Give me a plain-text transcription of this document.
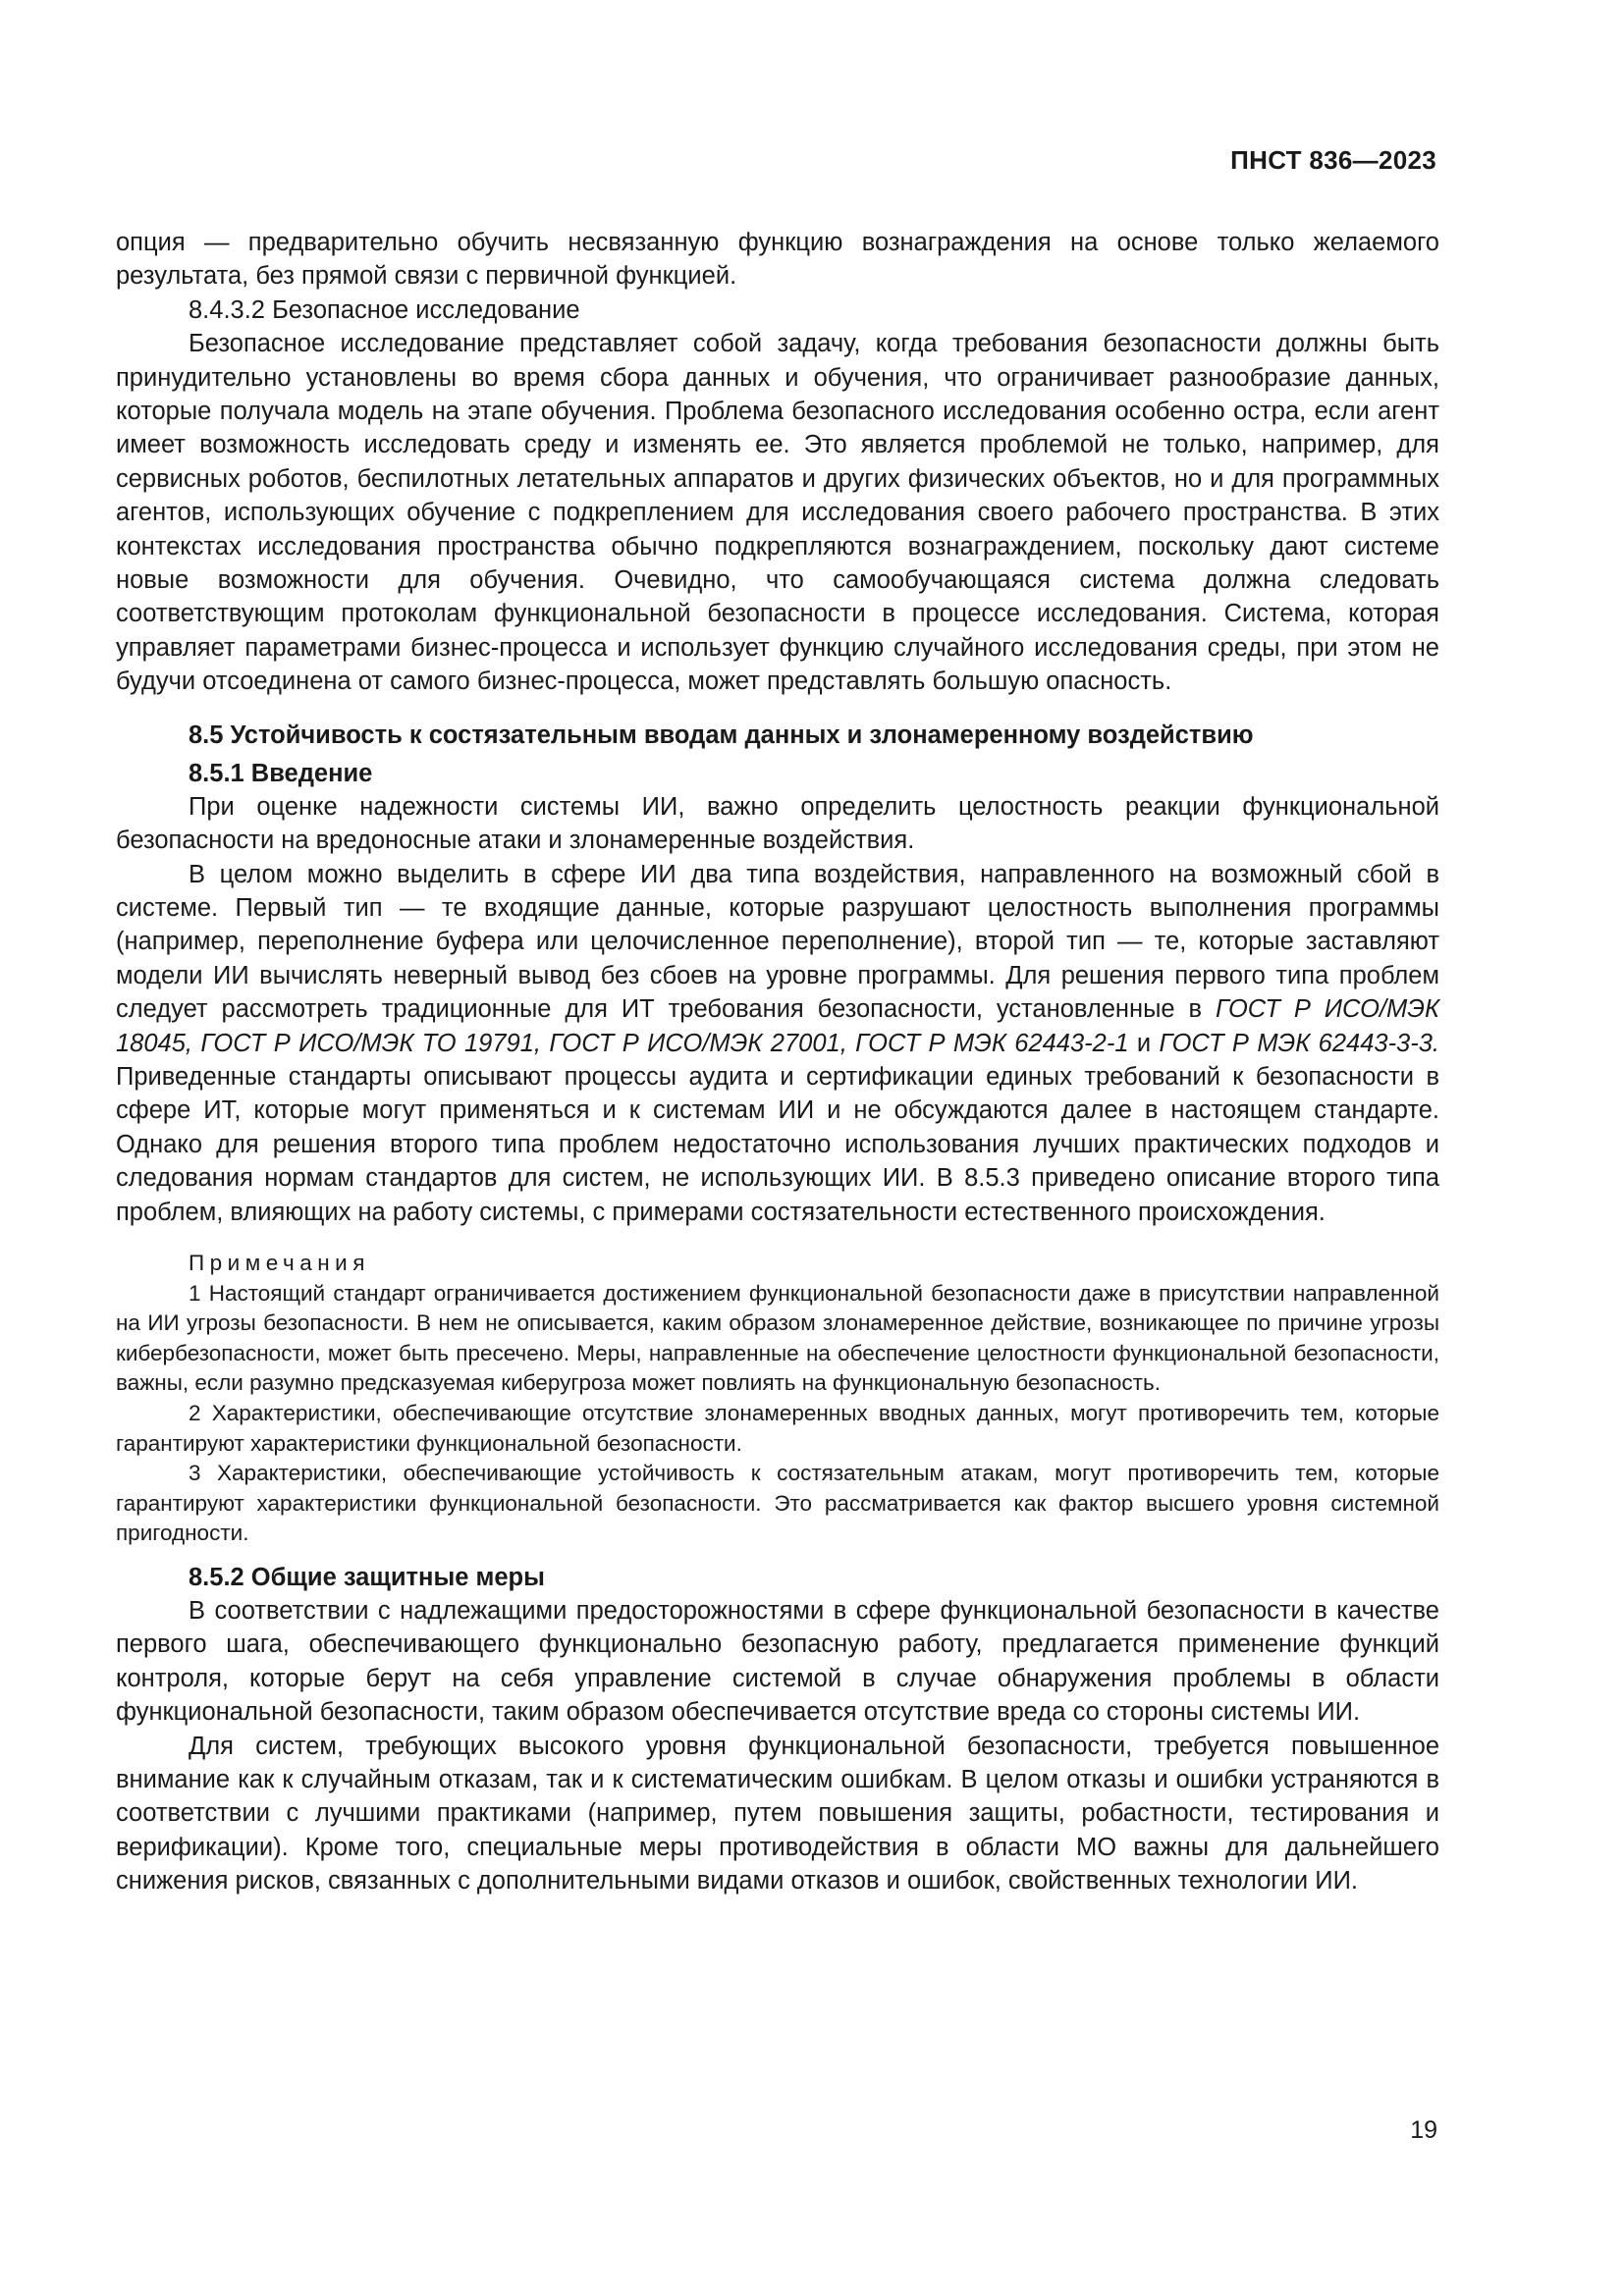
ПНСТ 836—2023

опция — предварительно обучить несвязанную функцию вознаграждения на основе только желаемого результата, без прямой связи с первичной функцией.

8.4.3.2 Безопасное исследование

Безопасное исследование представляет собой задачу, когда требования безопасности должны быть принудительно установлены во время сбора данных и обучения, что ограничивает разнообразие данных, которые получала модель на этапе обучения. Проблема безопасного исследования особенно остра, если агент имеет возможность исследовать среду и изменять ее. Это является проблемой не только, например, для сервисных роботов, беспилотных летательных аппаратов и других физических объектов, но и для программных агентов, использующих обучение с подкреплением для исследования своего рабочего пространства. В этих контекстах исследования пространства обычно подкрепляются вознаграждением, поскольку дают системе новые возможности для обучения. Очевидно, что самообучающаяся система должна следовать соответствующим протоколам функциональной безопасности в процессе исследования. Система, которая управляет параметрами бизнес-процесса и использует функцию случайного исследования среды, при этом не будучи отсоединена от самого бизнес-процесса, может представлять большую опасность.

8.5 Устойчивость к состязательным вводам данных и злонамеренному воздействию
8.5.1 Введение

При оценке надежности системы ИИ, важно определить целостность реакции функциональной безопасности на вредоносные атаки и злонамеренные воздействия.

В целом можно выделить в сфере ИИ два типа воздействия, направленного на возможный сбой в системе. Первый тип — те входящие данные, которые разрушают целостность выполнения программы (например, переполнение буфера или целочисленное переполнение), второй тип — те, которые заставляют модели ИИ вычислять неверный вывод без сбоев на уровне программы. Для решения первого типа проблем следует рассмотреть традиционные для ИТ требования безопасности, установленные в ГОСТ Р ИСО/МЭК 18045, ГОСТ Р ИСО/МЭК ТО 19791, ГОСТ Р ИСО/МЭК 27001, ГОСТ Р МЭК 62443-2-1 и ГОСТ Р МЭК 62443-3-3. Приведенные стандарты описывают процессы аудита и сертификации единых требований к безопасности в сфере ИТ, которые могут применяться и к системам ИИ и не обсуждаются далее в настоящем стандарте. Однако для решения второго типа проблем недостаточно использования лучших практических подходов и следования нормам стандартов для систем, не использующих ИИ. В 8.5.3 приведено описание второго типа проблем, влияющих на работу системы, с примерами состязательности естественного происхождения.

Примечания

1 Настоящий стандарт ограничивается достижением функциональной безопасности даже в присутствии направленной на ИИ угрозы безопасности. В нем не описывается, каким образом злонамеренное действие, возникающее по причине угрозы кибербезопасности, может быть пресечено. Меры, направленные на обеспечение целостности функциональной безопасности, важны, если разумно предсказуемая киберугроза может повлиять на функциональную безопасность.

2 Характеристики, обеспечивающие отсутствие злонамеренных вводных данных, могут противоречить тем, которые гарантируют характеристики функциональной безопасности.

3 Характеристики, обеспечивающие устойчивость к состязательным атакам, могут противоречить тем, которые гарантируют характеристики функциональной безопасности. Это рассматривается как фактор высшего уровня системной пригодности.

8.5.2 Общие защитные меры

В соответствии с надлежащими предосторожностями в сфере функциональной безопасности в качестве первого шага, обеспечивающего функционально безопасную работу, предлагается применение функций контроля, которые берут на себя управление системой в случае обнаружения проблемы в области функциональной безопасности, таким образом обеспечивается отсутствие вреда со стороны системы ИИ.

Для систем, требующих высокого уровня функциональной безопасности, требуется повышенное внимание как к случайным отказам, так и к систематическим ошибкам. В целом отказы и ошибки устраняются в соответствии с лучшими практиками (например, путем повышения защиты, робастности, тестирования и верификации). Кроме того, специальные меры противодействия в области МО важны для дальнейшего снижения рисков, связанных с дополнительными видами отказов и ошибок, свойственных технологии ИИ.

19
